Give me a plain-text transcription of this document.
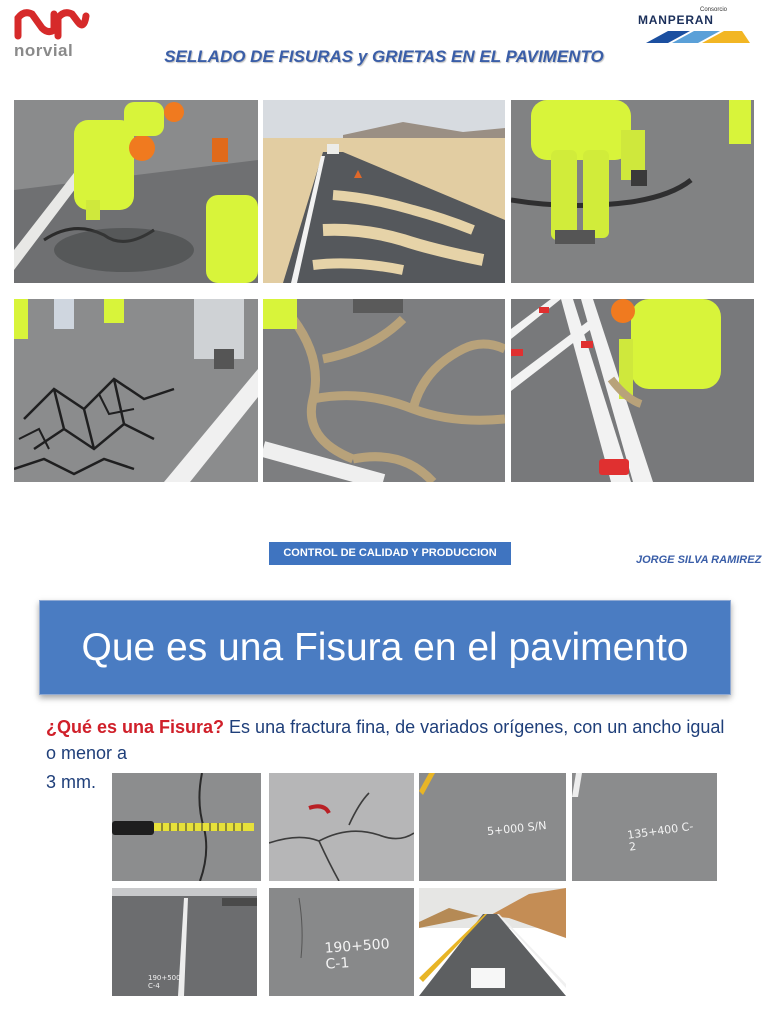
norvial
Consorcio
MANPERAN
SELLADO DE FISURAS y GRIETAS EN EL PAVIMENTO
CONTROL DE CALIDAD Y PRODUCCION
JORGE SILVA RAMIREZ
Que es una Fisura en el pavimento
¿Qué es una Fisura? Es una fractura fina, de variados orígenes, con un ancho igual o menor a
3 mm.
5+000 S/N	135+400 C-2
190+500 C-4
190+500 C-1
